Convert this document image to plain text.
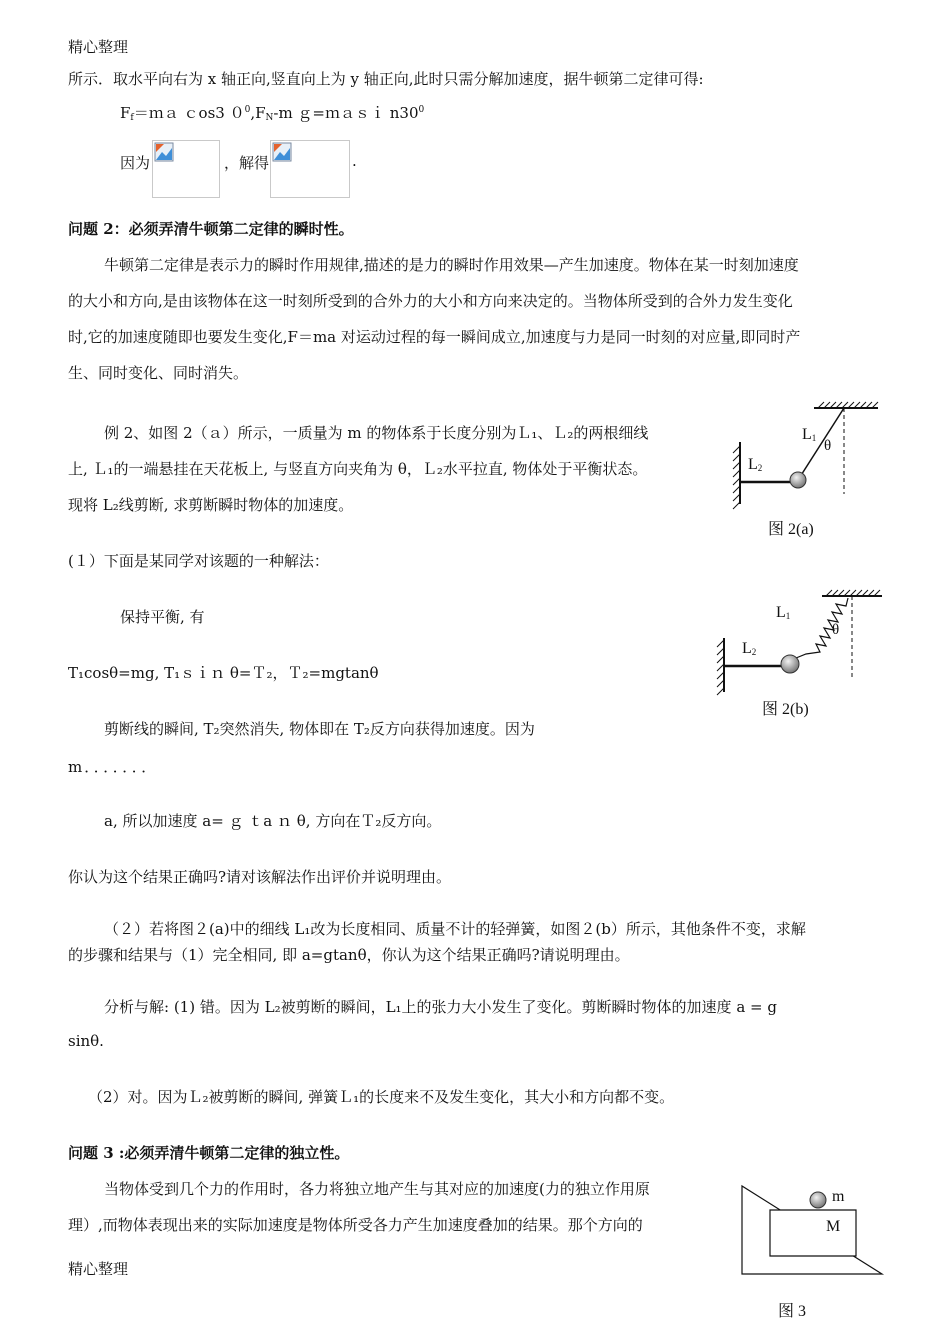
精心整理
所示．取水平向右为 x 轴正向,竖直向上为 y 轴正向,此时只需分解加速度，据牛顿第二定律可得:
$F_f=ma$ ｃos3 $0^0,F_N-m$ ｇ=ｍａｓｉ $n30^0$
因为	，解得	.
问题 2：必须弄清牛顿第二定律的瞬时性。
牛顿第二定律是表示力的瞬时作用规律,描述的是力的瞬时作用效果—产生加速度。物体在某一时刻加速度
的大小和方向,是由该物体在这一时刻所受到的合外力的大小和方向来决定的。当物体所受到的合外力发生变化
时,它的加速度随即也要发生变化,F＝ma 对运动过程的每一瞬间成立,加速度与力是同一时刻的对应量,即同时产
生、同时变化、同时消失。
例 2、如图 2（ａ）所示，一质量为 m 的物体系于长度分别为Ｌ₁、Ｌ₂的两根细线
上, Ｌ₁的一端悬挂在天花板上, 与竖直方向夹角为 θ，Ｌ₂水平拉直, 物体处于平衡状态。
现将 L₂线剪断, 求剪断瞬时物体的加速度。
(１）下面是某同学对该题的一种解法：
保持平衡, 有
T₁cosθ=mg, T₁ｓｉｎ θ=Ｔ₂，Ｔ₂=mgtanθ
剪断线的瞬间, T₂突然消失, 物体即在 T₂反方向获得加速度。因为
m．．．．．．．
a, 所以加速度 a= ｇ ｔa ｎ θ, 方向在Ｔ₂反方向。
你认为这个结果正确吗?请对该解法作出评价并说明理由。
（２）若将图２(a)中的细线 L₁改为长度相同、质量不计的轻弹簧，如图２(b）所示，其他条件不变，求解
的步骤和结果与（1）完全相同, 即 a=gtanθ，你认为这个结果正确吗?请说明理由。
分析与解: (1) 错。因为 L₂被剪断的瞬间，L₁上的张力大小发生了变化。剪断瞬时物体的加速度 a = g
sinθ.
（2）对。因为Ｌ₂被剪断的瞬间, 弹簧Ｌ₁的长度来不及发生变化，其大小和方向都不变。
问题 3 :必须弄清牛顿第二定律的独立性。
当物体受到几个力的作用时，各力将独立地产生与其对应的加速度(力的独立作用原
理）,而物体表现出来的实际加速度是物体所受各力产生加速度叠加的结果。那个方向的
精心整理
$L_1$ θ
$L_2$
图 2(a)
$L_1$
θ
$L_2$
图 2(b)
m
M
图 3
